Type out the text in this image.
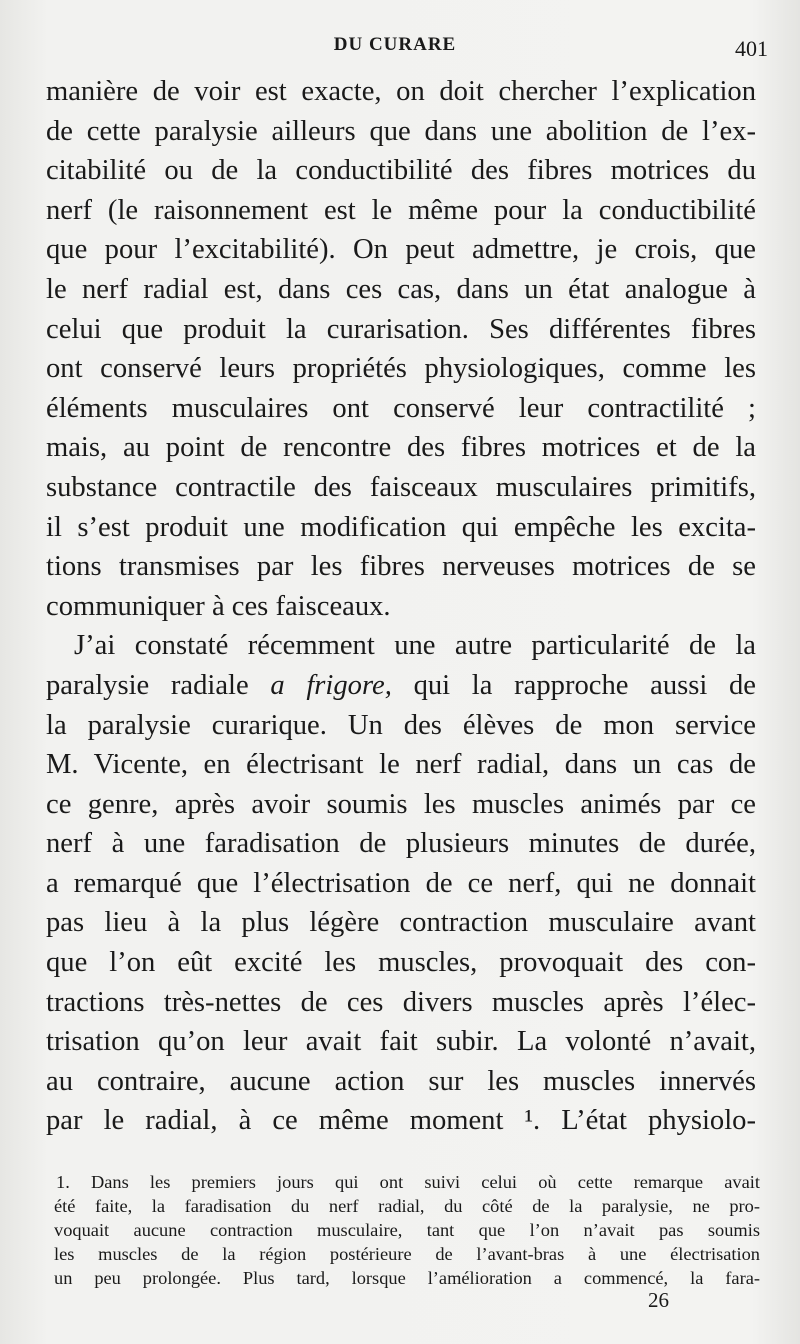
DU CURARE	401
manière de voir est exacte, on doit chercher l’explication
de cette paralysie ailleurs que dans une abolition de l’ex-
citabilité ou de la conductibilité des fibres motrices du
nerf (le raisonnement est le même pour la conductibilité
que pour l’excitabilité). On peut admettre, je crois, que
le nerf radial est, dans ces cas, dans un état analogue à
celui que produit la curarisation. Ses différentes fibres
ont conservé leurs propriétés physiologiques, comme les
éléments musculaires ont conservé leur contractilité ;
mais, au point de rencontre des fibres motrices et de la
substance contractile des faisceaux musculaires primitifs,
il s’est produit une modification qui empêche les excita-
tions transmises par les fibres nerveuses motrices de se
communiquer à ces faisceaux.
J’ai constaté récemment une autre particularité de la
paralysie radiale a frigore, qui la rapproche aussi de
la paralysie curarique. Un des élèves de mon service
M. Vicente, en électrisant le nerf radial, dans un cas de
ce genre, après avoir soumis les muscles animés par ce
nerf à une faradisation de plusieurs minutes de durée,
a remarqué que l’électrisation de ce nerf, qui ne donnait
pas lieu à la plus légère contraction musculaire avant
que l’on eût excité les muscles, provoquait des con-
tractions très-nettes de ces divers muscles après l’élec-
trisation qu’on leur avait fait subir. La volonté n’avait,
au contraire, aucune action sur les muscles innervés
par le radial, à ce même moment ¹. L’état physiolo-
1. Dans les premiers jours qui ont suivi celui où cette remarque avait
été faite, la faradisation du nerf radial, du côté de la paralysie, ne pro-
voquait aucune contraction musculaire, tant que l’on n’avait pas soumis
les muscles de la région postérieure de l’avant-bras à une électrisation
un peu prolongée. Plus tard, lorsque l’amélioration a commencé, la fara-
26
